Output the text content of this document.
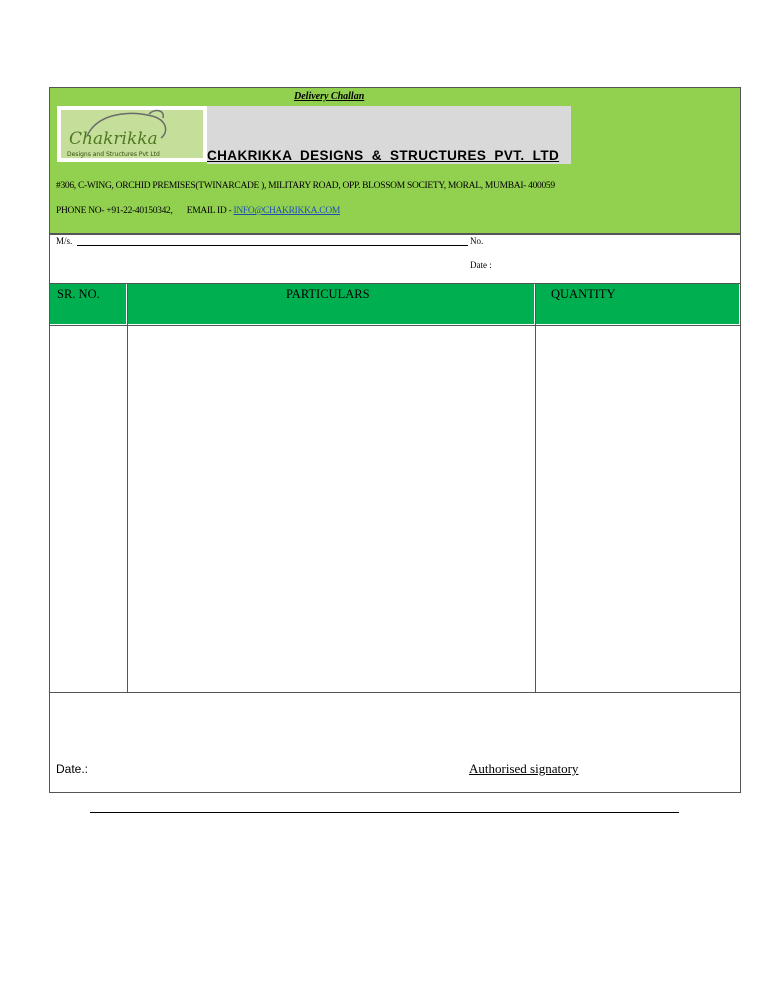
Delivery Challan
Chakrikka
Designs and Structures Pvt Ltd	CHAKRIKKA DESIGNS & STRUCTURES PVT. LTD
#306, C-WING, ORCHID PREMISES(TWINARCADE ), MILITARY ROAD, OPP. BLOSSOM SOCIETY, MORAL, MUMBAI- 400059
PHONE NO- +91-22-40150342, EMAIL ID - INFO@CHAKRIKKA.COM
M/s.	No.
Date :
SR. NO.	PARTICULARS	QUANTITY
Date.:	Authorised signatory
